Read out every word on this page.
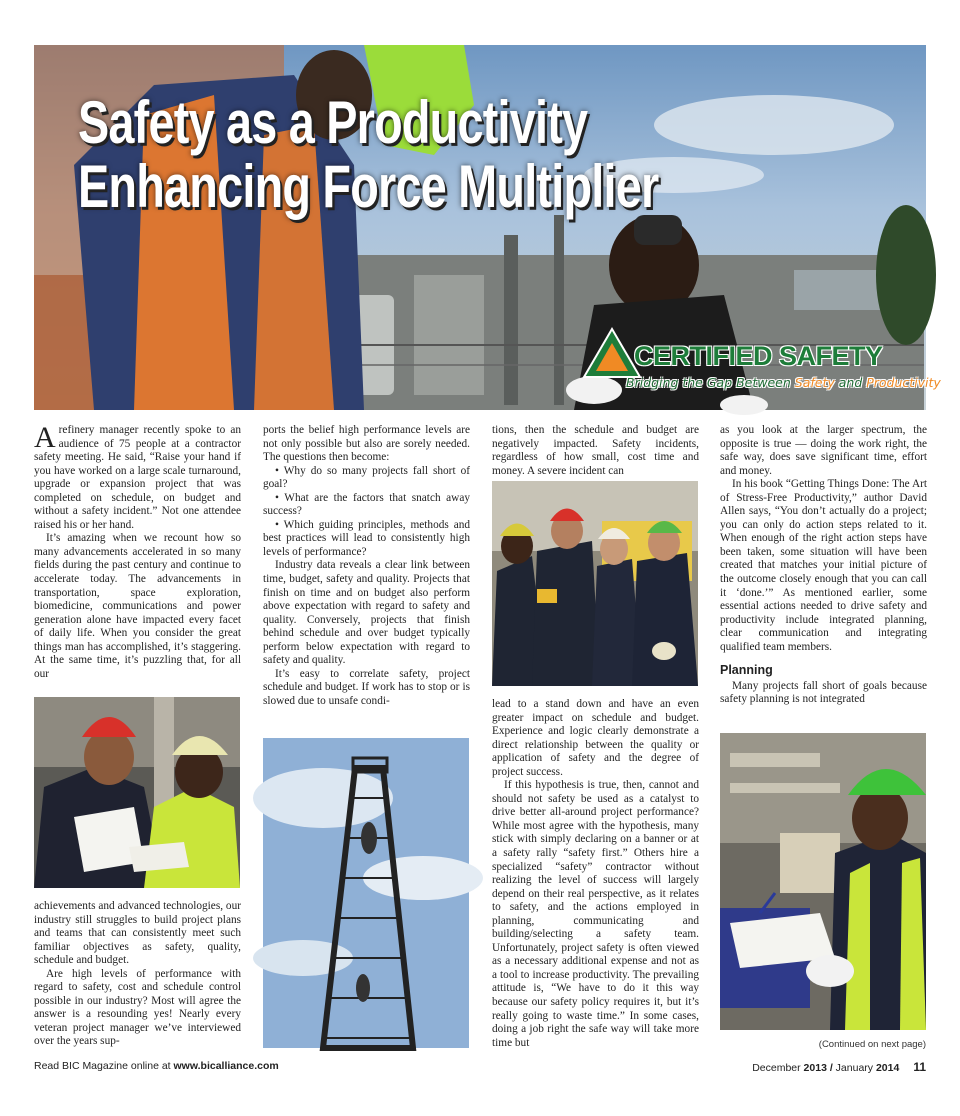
Safety as a Productivity
Enhancing Force Multiplier
CERTIFIED SAFETY
Bridging the Gap Between Safety and Productivity

A refinery manager recently spoke to an audience of 75 people at a contractor safety meeting. He said, “Raise your hand if you have worked on a large scale turnaround, upgrade or expansion project that was completed on schedule, on budget and without a safety incident.” Not one attendee raised his or her hand.

It’s amazing when we recount how so many advancements accelerated in so many fields during the past century and continue to accelerate today. The advancements in transportation, space exploration, biomedicine, communications and power generation alone have impacted every facet of daily life. When you consider the great things man has accomplished, it’s staggering. At the same time, it’s puzzling that, for all our

achievements and advanced technologies, our industry still struggles to build project plans and teams that can consistently meet such familiar objectives as safety, quality, schedule and budget.

Are high levels of performance with regard to safety, cost and schedule control possible in our industry? Most will agree the answer is a resounding yes! Nearly every veteran project manager we’ve interviewed over the years sup-

ports the belief high performance levels are not only possible but also are sorely needed. The questions then become:

• Why do so many projects fall short of goal?

• What are the factors that snatch away success?

• Which guiding principles, methods and best practices will lead to consistently high levels of performance?

Industry data reveals a clear link between time, budget, safety and quality. Projects that finish on time and on budget also perform above expectation with regard to safety and quality. Conversely, projects that finish behind schedule and over budget typically perform below expectation with regard to safety and quality.

It’s easy to correlate safety, project schedule and budget. If work has to stop or is slowed due to unsafe condi-

tions, then the schedule and budget are negatively impacted. Safety incidents, regardless of how small, cost time and money. A severe incident can

lead to a stand down and have an even greater impact on schedule and budget. Experience and logic clearly demonstrate a direct relationship between the quality or application of safety and the degree of project success.

If this hypothesis is true, then, cannot and should not safety be used as a catalyst to drive better all-around project performance? While most agree with the hypothesis, many stick with simply declaring on a banner or at a safety rally “safety first.” Others hire a specialized “safety” contractor without realizing the level of success will largely depend on their real perspective, as it relates to safety, and the actions employed in planning, communicating and building/selecting a safety team. Unfortunately, project safety is often viewed as a necessary additional expense and not as a tool to increase productivity. The prevailing attitude is, “We have to do it this way because our safety policy requires it, but it’s really going to waste time.” In some cases, doing a job right the safe way will take more time but

as you look at the larger spectrum, the opposite is true — doing the work right, the safe way, does save significant time, effort and money.

In his book “Getting Things Done: The Art of Stress-Free Productivity,” author David Allen says, “You don’t actually do a project; you can only do action steps related to it. When enough of the right action steps have been taken, some situation will have been created that matches your initial picture of the outcome closely enough that you can call it ‘done.’” As mentioned earlier, some essential actions needed to drive safety and productivity include integrated planning, clear communication and integrating qualified team members.

Planning

Many projects fall short of goals because safety planning is not integrated

(Continued on next page)
Read BIC Magazine online at www.bicalliance.com	December 2013 / January 2014 11
